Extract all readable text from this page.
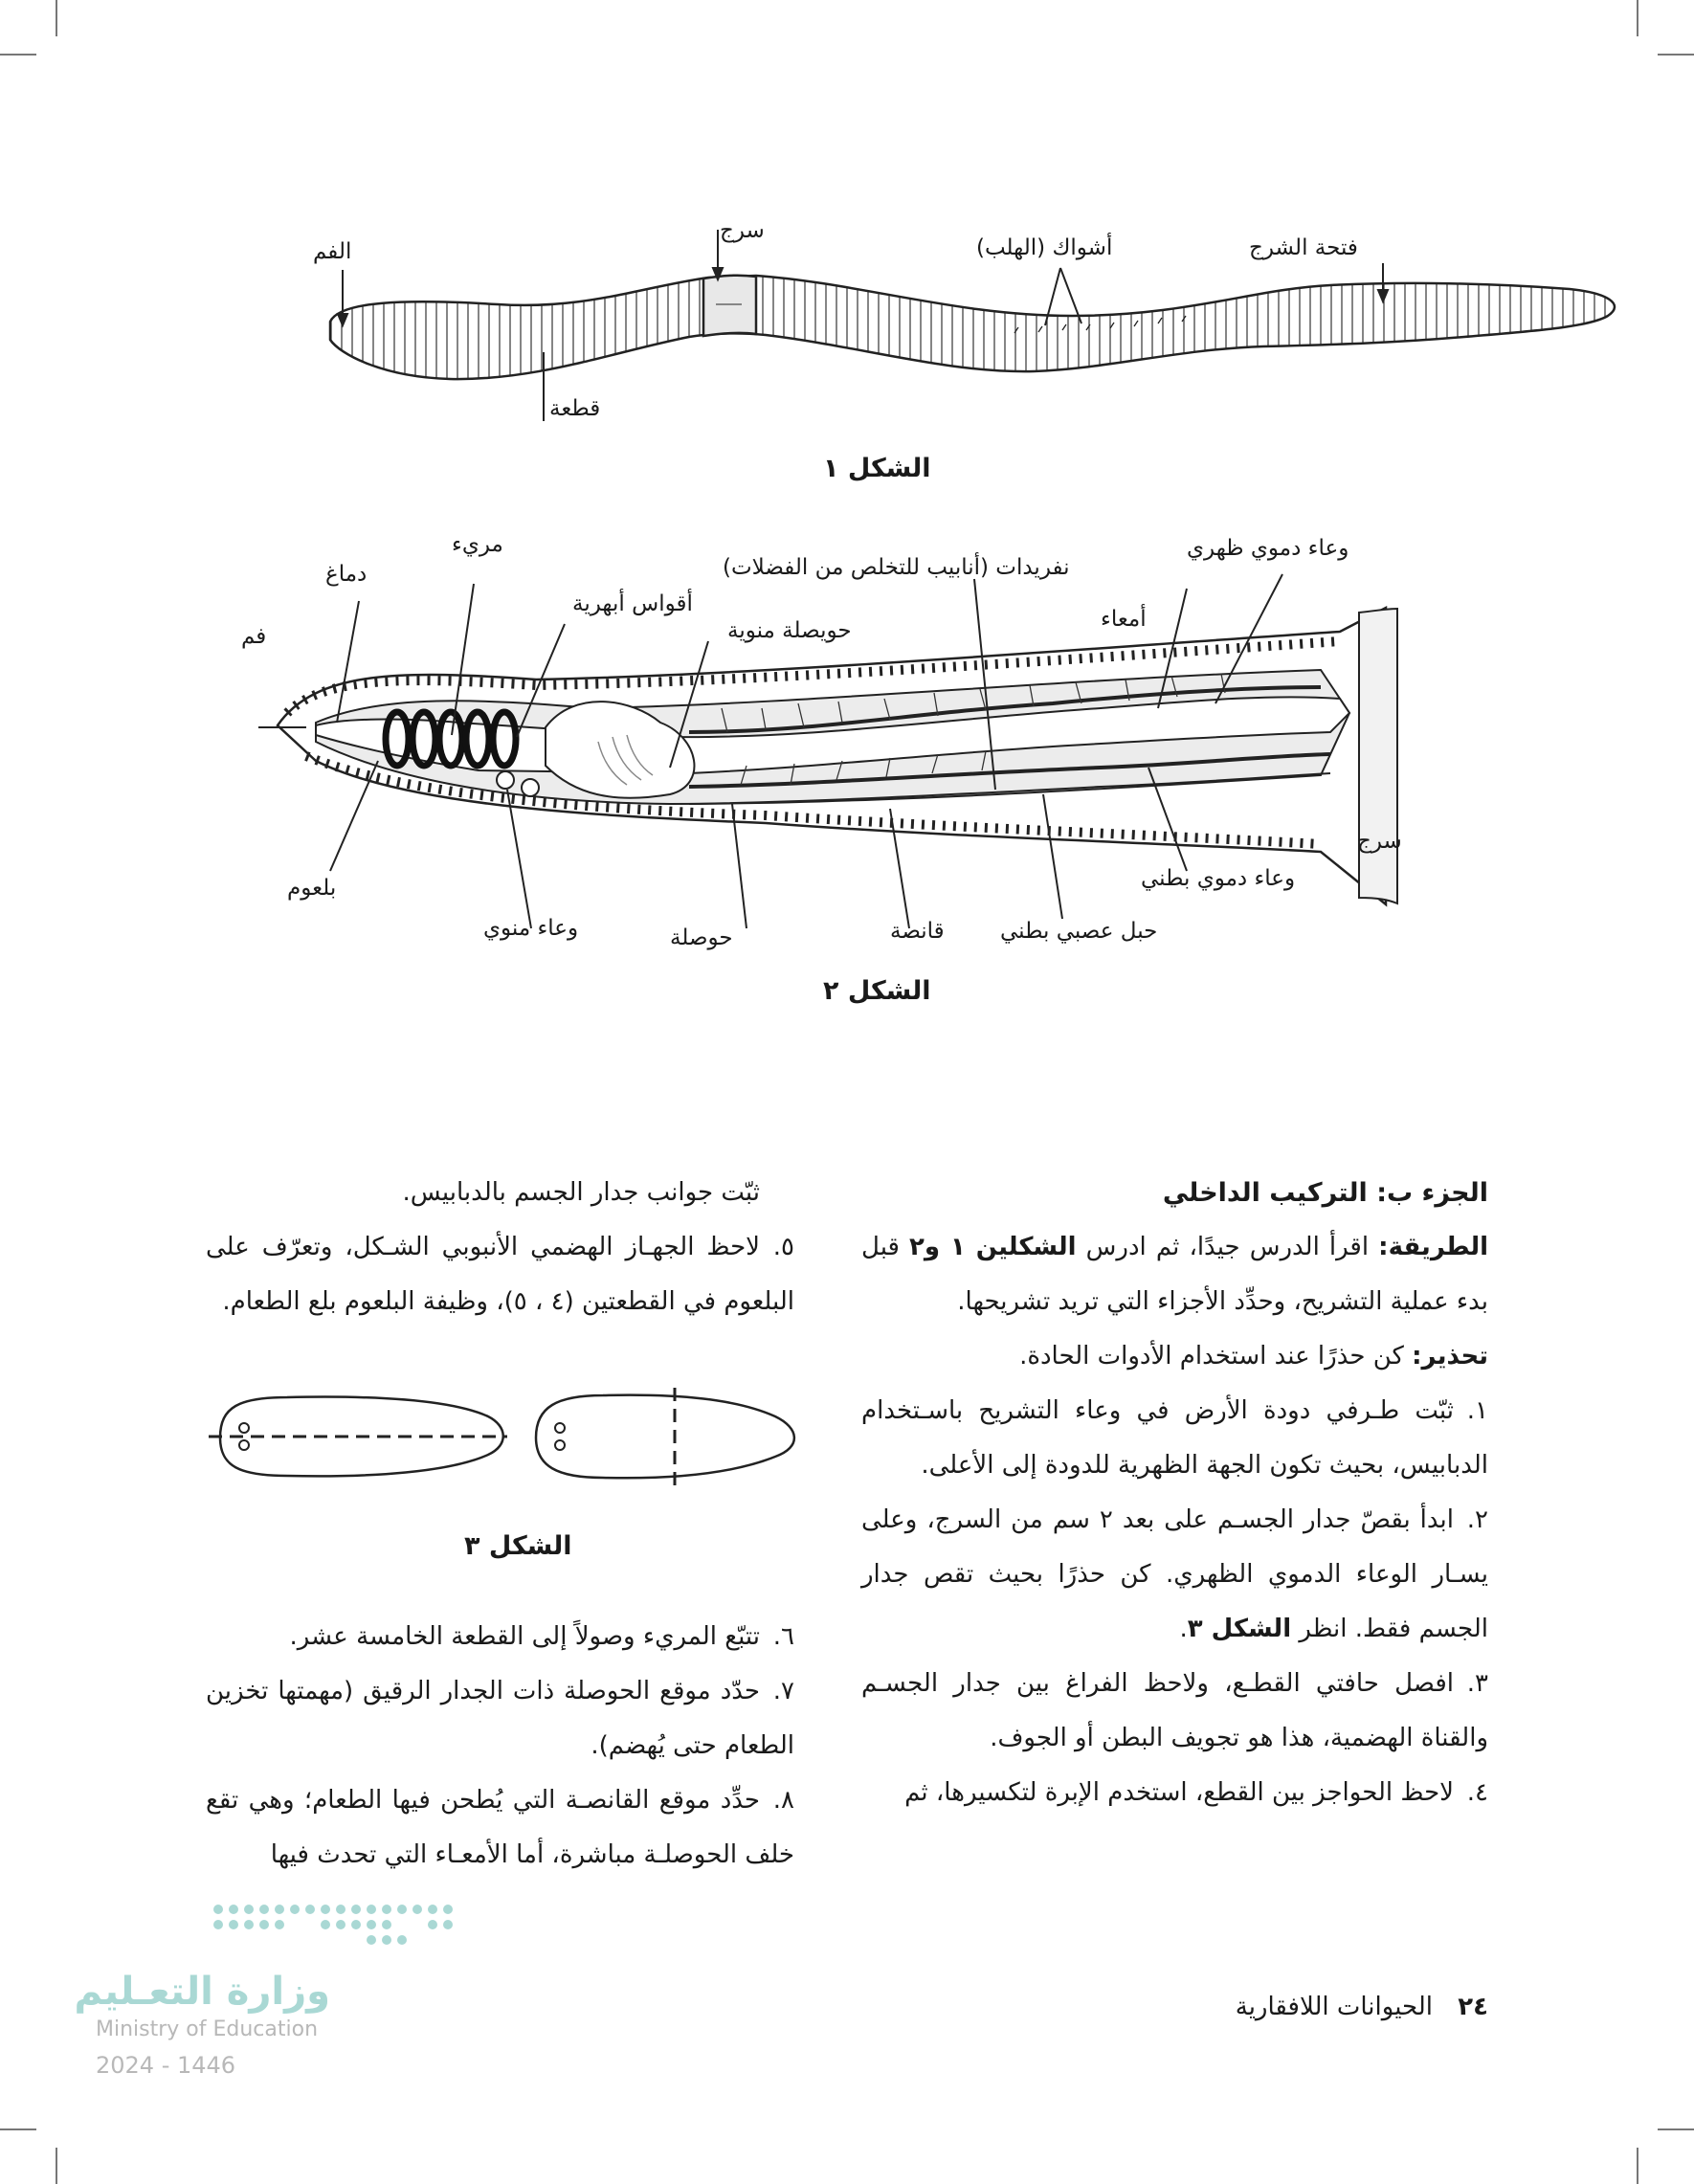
الفم
سرج
أشواك (الهلب)	فتحة الشرج
قطعة
الشكل ١
فم
دماغ
مريء
أقواس أبهرية
حويصلة منوية
نفريدات (أنابيب للتخلص من الفضلات)
أمعاء
وعاء دموي ظهري
سرج
وعاء دموي بطني
حبل عصبي بطني
قانصة
حوصلة
وعاء منوي
بلعوم
الشكل ٢

الجزء ب: التركيب الداخلي

الطريقة: اقرأ الدرس جيدًا، ثم ادرس الشكلين ١ و٢ قبل بدء عملية التشريح، وحدِّد الأجزاء التي تريد تشريحها.

تحذير: كن حذرًا عند استخدام الأدوات الحادة.

١.ثبّت طـرفي دودة الأرض في وعاء التشريح باسـتخدام الدبابيس، بحيث تكون الجهة الظهرية للدودة إلى الأعلى.

٢.ابدأ بقصّ جدار الجسـم على بعد ٢ سم من السرج، وعلى يسـار الوعاء الدموي الظهري. كن حذرًا بحيث تقص جدار الجسم فقط. انظر الشكل ٣.

٣.افصل حافتي القطـع، ولاحظ الفراغ بين جدار الجسـم والقناة الهضمية، هذا هو تجويف البطن أو الجوف.

٤.لاحظ الحواجز بين القطع، استخدم الإبرة لتكسيرها، ثم

ثبّت جوانب جدار الجسم بالدبابيس.

٥.لاحظ الجهـاز الهضمي الأنبوبي الشـكل، وتعرّف على البلعوم في القطعتين (٤ ، ٥)، وظيفة البلعوم بلع الطعام.

الشكل ٣

٦.تتبّع المريء وصولاً إلى القطعة الخامسة عشر.

٧.حدّد موقع الحوصلة ذات الجدار الرقيق (مهمتها تخزين الطعام حتى يُهضم).

٨.حدِّد موقع القانصـة التي يُطحن فيها الطعام؛ وهي تقع خلف الحوصلـة مباشرة، أما الأمعـاء التي تحدث فيها

٢٤ الحيوانات اللافقارية
وزارة التعـليم
Ministry of Education
2024 - 1446
